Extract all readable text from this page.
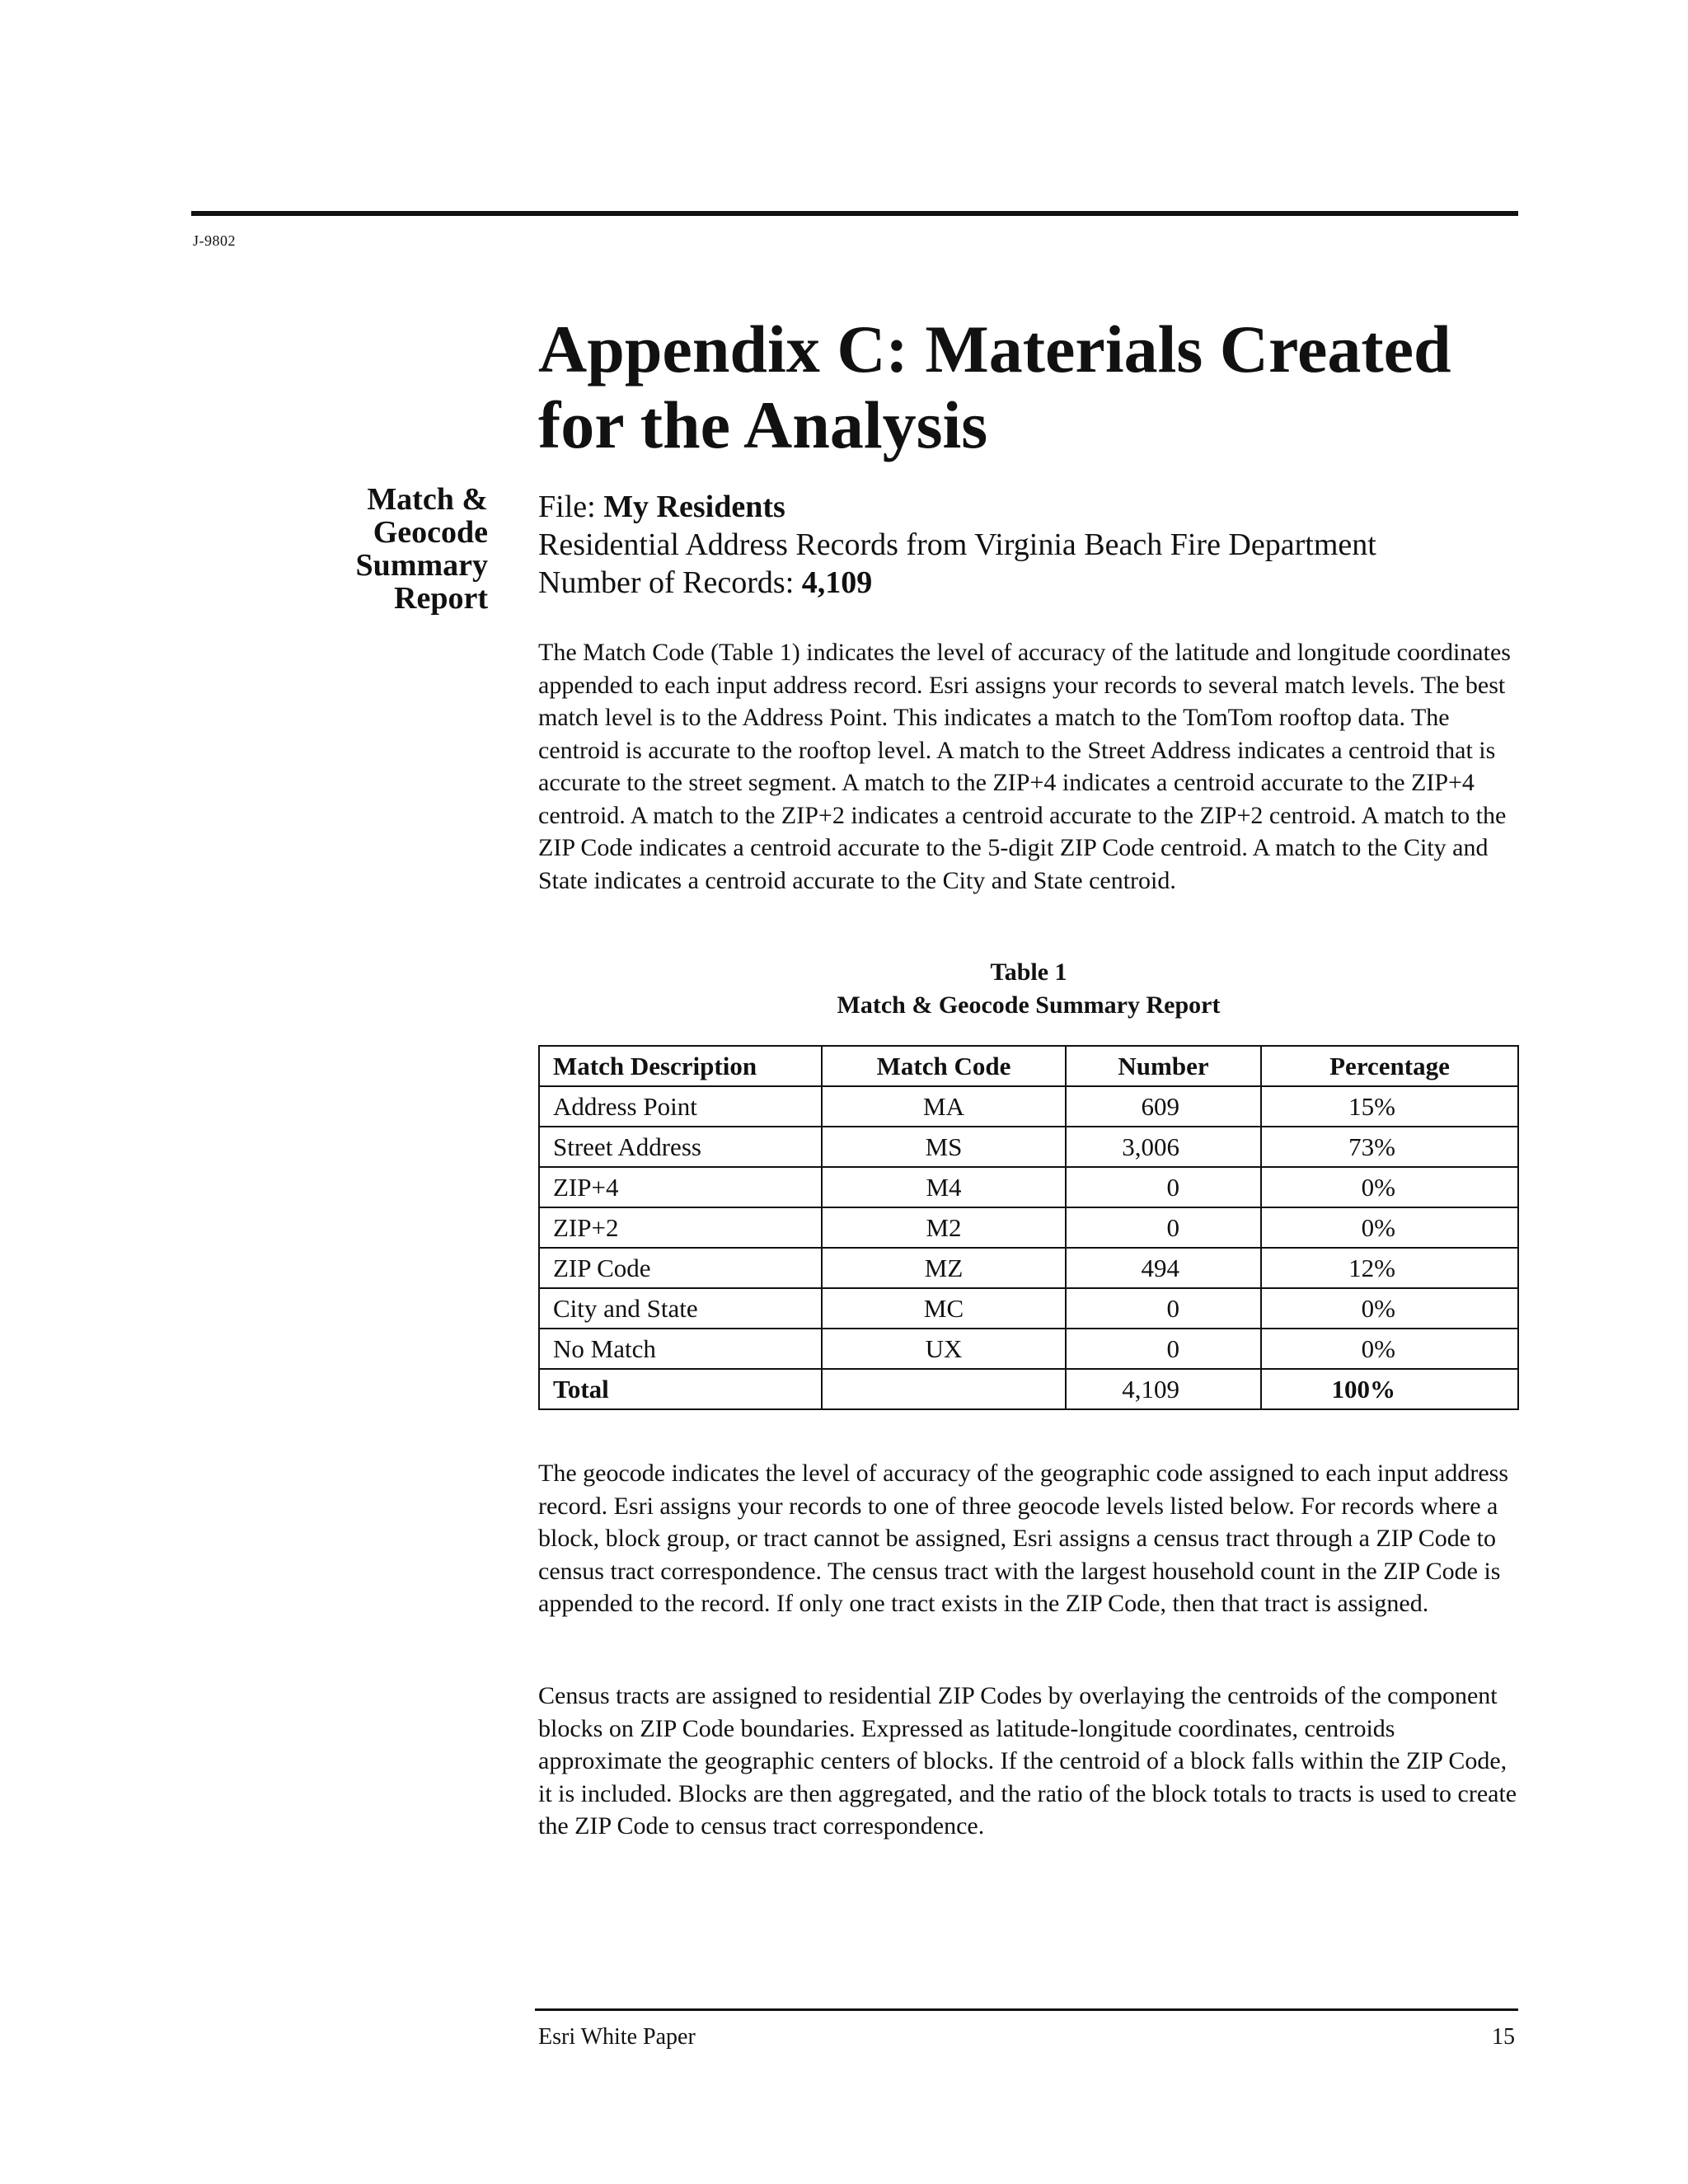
J-9802
Appendix C: Materials Created
for the Analysis
Match &
Geocode
Summary
Report
File: My Residents
Residential Address Records from Virginia Beach Fire Department
Number of Records: 4,109

The Match Code (Table 1) indicates the level of accuracy of the latitude and longitude coordinates appended to each input address record. Esri assigns your records to several match levels. The best match level is to the Address Point. This indicates a match to the TomTom rooftop data. The centroid is accurate to the rooftop level. A match to the Street Address indicates a centroid that is accurate to the street segment. A match to the ZIP+4 indicates a centroid accurate to the ZIP+4 centroid. A match to the ZIP+2 indicates a centroid accurate to the ZIP+2 centroid. A match to the ZIP Code indicates a centroid accurate to the 5-digit ZIP Code centroid. A match to the City and State indicates a centroid accurate to the City and State centroid.

Table 1
Match & Geocode Summary Report
Match Description	Match Code	Number	Percentage
Address Point	MA	609	15%
Street Address	MS	3,006	73%
ZIP+4	M4	0	0%
ZIP+2	M2	0	0%
ZIP Code	MZ	494	12%
City and State	MC	0	0%
No Match	UX	0	0%
Total		4,109	100%

The geocode indicates the level of accuracy of the geographic code assigned to each input address record. Esri assigns your records to one of three geocode levels listed below. For records where a block, block group, or tract cannot be assigned, Esri assigns a census tract through a ZIP Code to census tract correspondence. The census tract with the largest household count in the ZIP Code is appended to the record. If only one tract exists in the ZIP Code, then that tract is assigned.

Census tracts are assigned to residential ZIP Codes by overlaying the centroids of the component blocks on ZIP Code boundaries. Expressed as latitude-longitude coordinates, centroids approximate the geographic centers of blocks. If the centroid of a block falls within the ZIP Code, it is included. Blocks are then aggregated, and the ratio of the block totals to tracts is used to create the ZIP Code to census tract correspondence.

Esri White Paper	15
